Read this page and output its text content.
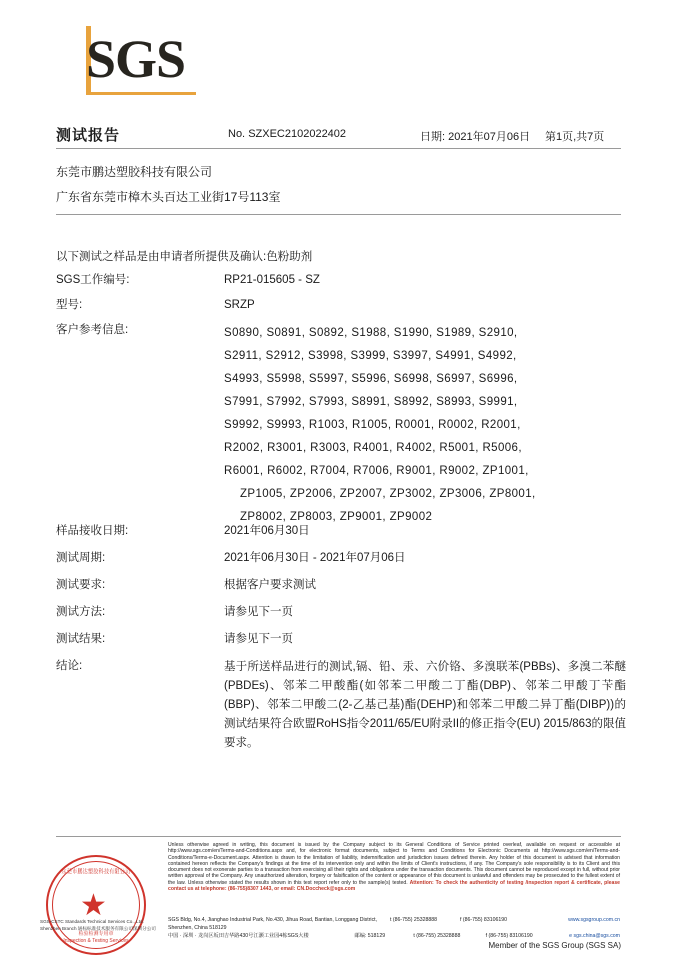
SGS
测试报告	No. SZXEC2102022402	日期: 2021年07月06日 第1页,共7页
东莞市鹏达塑胶科技有限公司
广东省东莞市樟木头百达工业街17号113室
以下测试之样品是由申请者所提供及确认:色粉助剂
SGS工作编号:	RP21-015605 - SZ
型号:	SRZP
客户参考信息:	S0890, S0891, S0892, S1988, S1990, S1989, S2910,
S2911, S2912, S3998, S3999, S3997, S4991, S4992,
S4993, S5998, S5997, S5996, S6998, S6997, S6996,
S7991, S7992, S7993, S8991, S8992, S8993, S9991,
S9992, S9993, R1003, R1005, R0001, R0002, R2001,
R2002, R3001, R3003, R4001, R4002, R5001, R5006,
R6001, R6002, R7004, R7006, R9001, R9002, ZP1001,
ZP1005, ZP2006, ZP2007, ZP3002, ZP3006, ZP8001,
ZP8002, ZP8003, ZP9001, ZP9002
样品接收日期:	2021年06月30日
测试周期:	2021年06月30日 - 2021年07月06日
测试要求:	根据客户要求测试
测试方法:	请参见下一页
测试结果:	请参见下一页
结论:	基于所送样品进行的测试,镉、铅、汞、六价铬、多溴联苯(PBBs)、多溴二苯醚(PBDEs)、邻苯二甲酸酯(如邻苯二甲酸二丁酯(DBP)、邻苯二甲酸丁苄酯(BBP)、邻苯二甲酸二(2-乙基己基)酯(DEHP)和邻苯二甲酸二异丁酯(DIBP))的测试结果符合欧盟RoHS指令2011/65/EU附录II的修正指令(EU) 2015/863的限值要求。
东莞市鹏达塑胶科技有限公司
★
检验检测专用章
Inspection & Testing Services
SGS-CSTC Standards Technical Services Co., Ltd.
Shenzhen Branch 通标标准技术服务有限公司深圳分公司
Unless otherwise agreed in writing, this document is issued by the Company subject to its General Conditions of Service printed overleaf, available on request or accessible at http://www.sgs.com/en/Terms-and-Conditions.aspx and, for electronic format documents, subject to Terms and Conditions for Electronic Documents at http://www.sgs.com/en/Terms-and-Conditions/Terms-e-Document.aspx. Attention is drawn to the limitation of liability, indemnification and jurisdiction issues defined therein. Any holder of this document is advised that information contained hereon reflects the Company's findings at the time of its intervention only and within the limits of Client's instructions, if any. The Company's sole responsibility is to its Client and this document does not exonerate parties to a transaction from exercising all their rights and obligations under the transaction documents. This document cannot be reproduced except in full, without prior written approval of the Company. Any unauthorized alteration, forgery or falsification of the content or appearance of this document is unlawful and offenders may be prosecuted to the fullest extent of the law. Unless otherwise stated the results shown in this test report refer only to the sample(s) tested. Attention: To check the authenticity of testing /inspection report & certificate, please contact us at telephone: (86-755)8307 1443, or email: CN.Doccheck@sgs.com
SGS Bldg, No.4, Jianghao Industrial Park, No.430, Jihua Road, Bantian, Longgang District, Shenzhen, China 518129
t (86-755) 25328888	f (86-755) 83106190	www.sgsgroup.com.cn
中国 · 深圳 · 龙岗区坂田吉华路430号江灏工业园4栋SGS大楼	邮编: 518129	t (86-755) 25328888	f (86-755) 83106190	e sgs.china@sgs.com
Member of the SGS Group (SGS SA)
